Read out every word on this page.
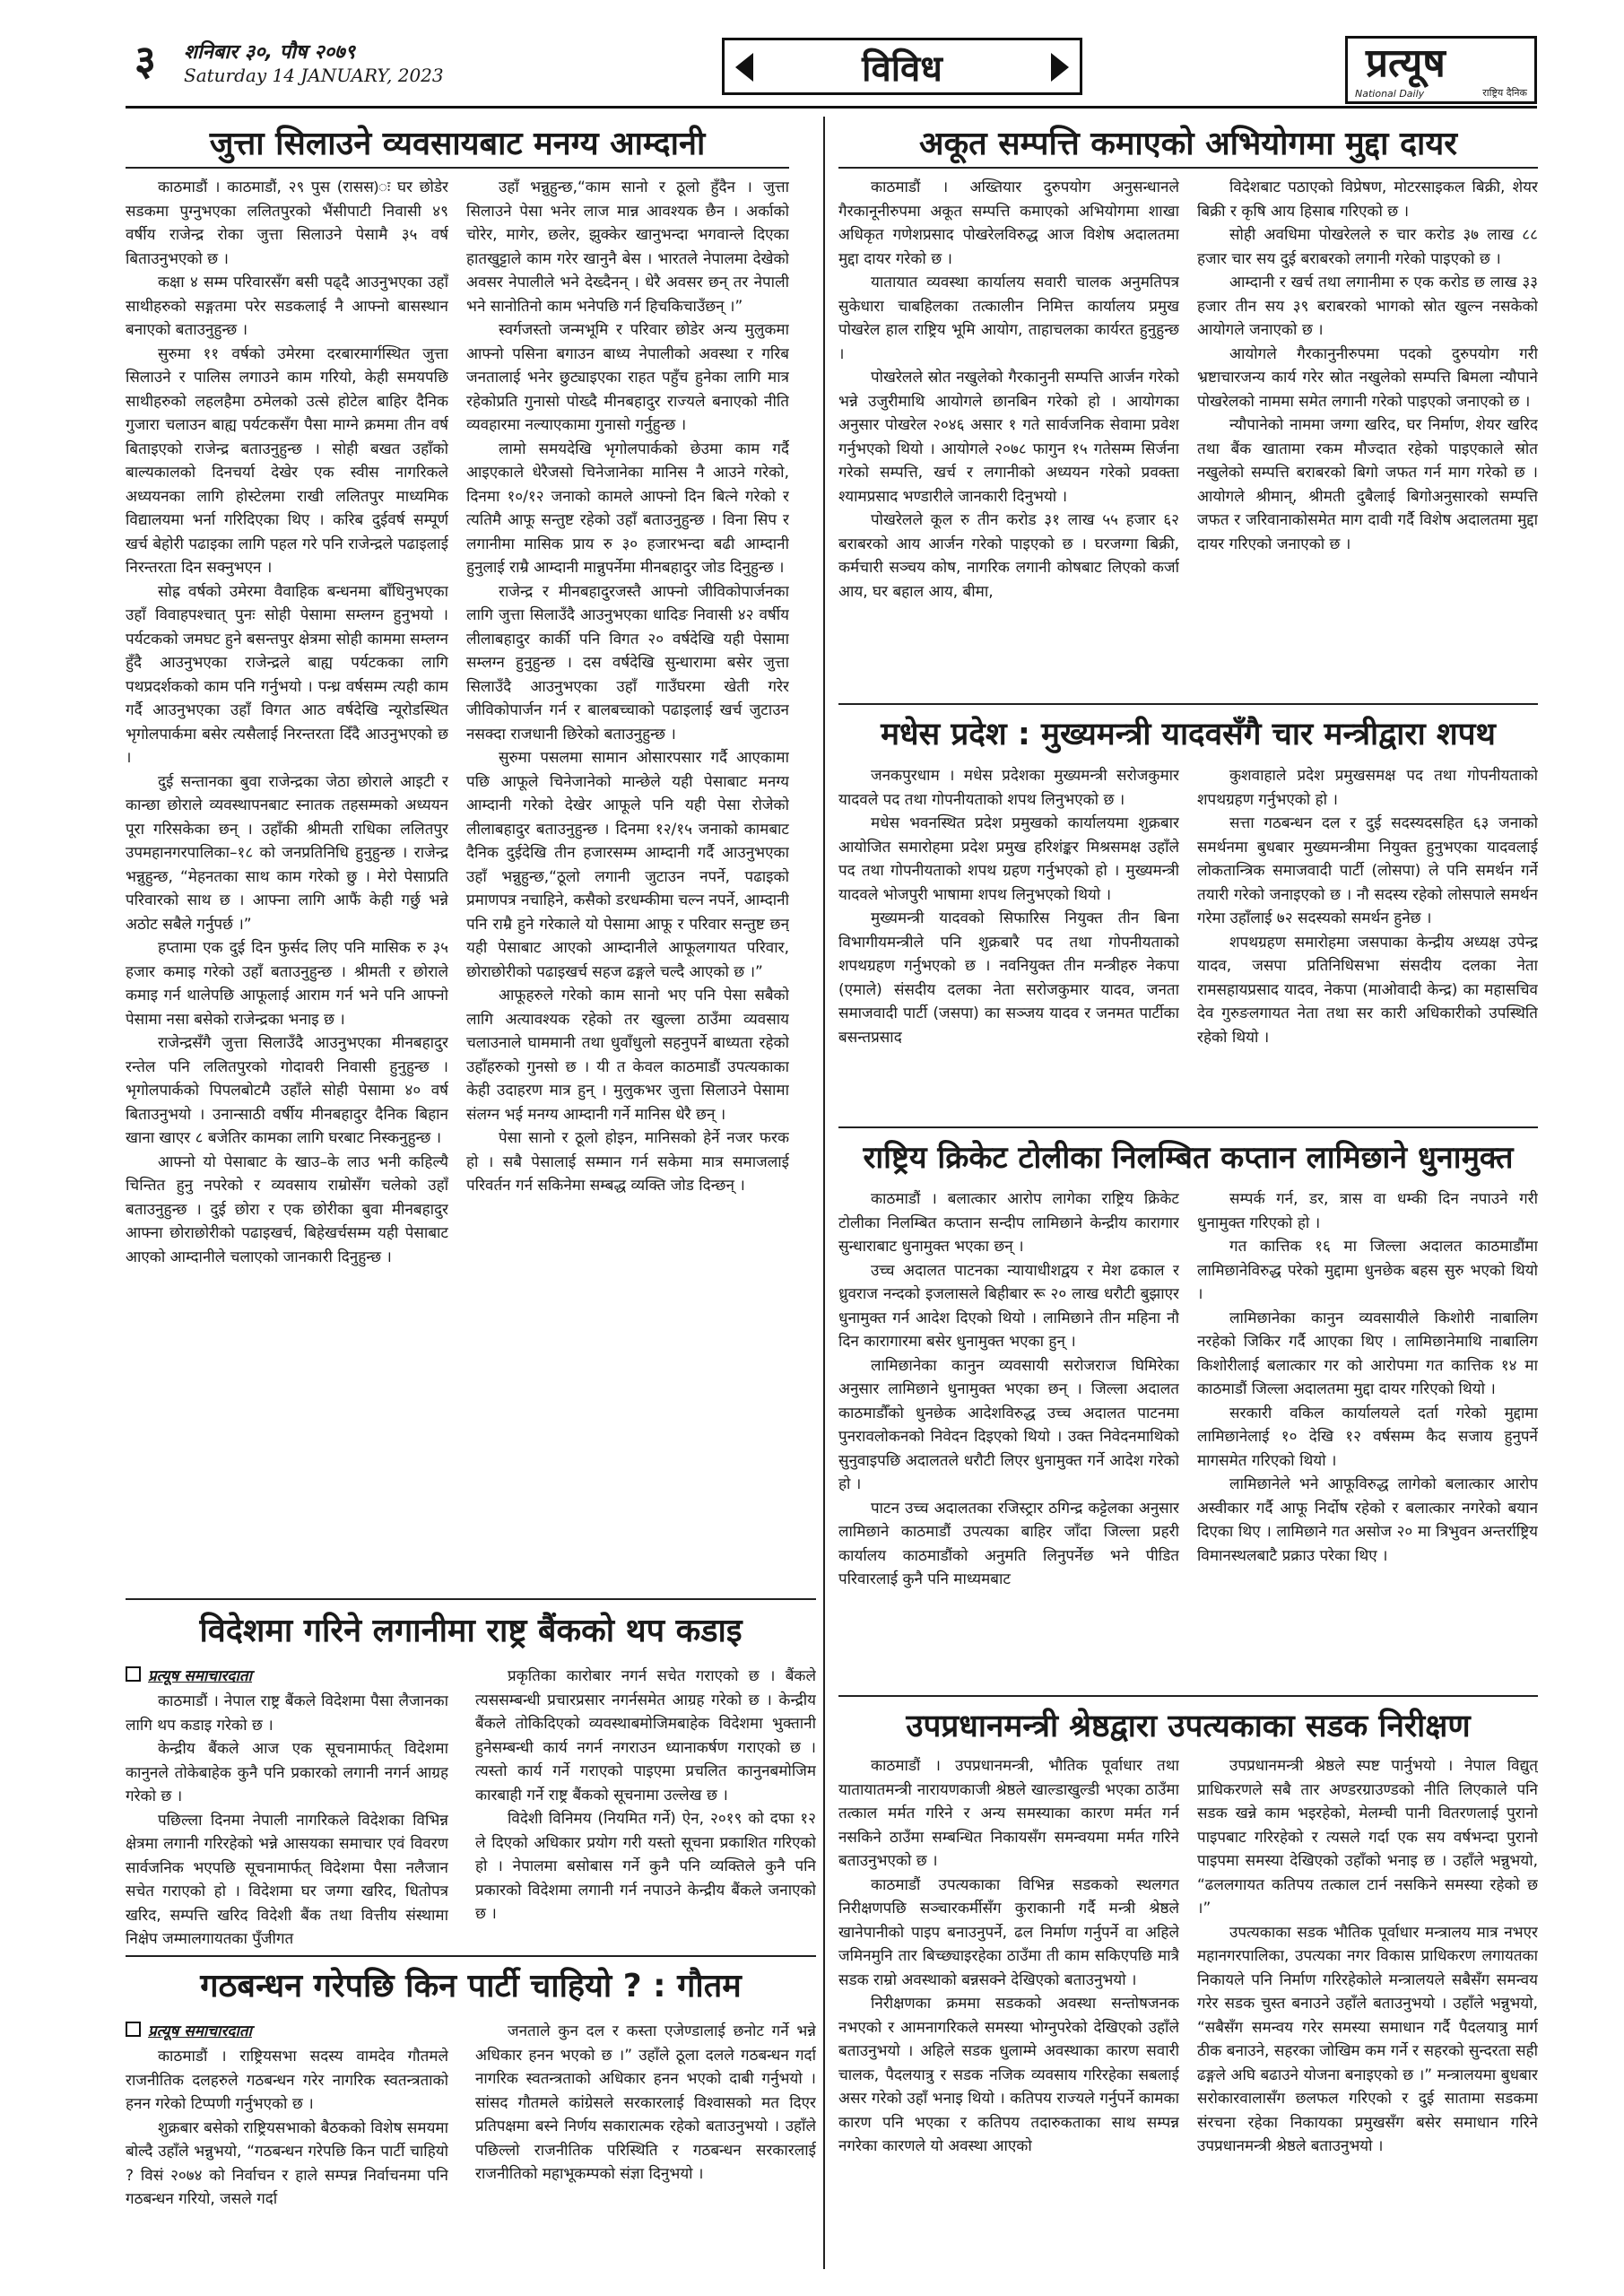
३	शनिबार ३०, पौष २०७९
Saturday 14 JANUARY, 2023	विविध	प्रत्यूष
National Daily	राष्ट्रिय दैनिक
जुत्ता सिलाउने व्यवसायबाट मनग्य आम्दानी

काठमाडौं । काठमाडौं, २९ पुस (रासस)ः घर छोडेर सडकमा पुग्नुभएका ललितपुरको भैंसीपाटी निवासी ४९ वर्षीय राजेन्द्र रोका जुत्ता सिलाउने पेसामै ३५ वर्ष बिताउनुभएको छ ।

कक्षा ४ सम्म परिवारसँग बसी पढ्दै आउनुभएका उहाँ साथीहरुको सङ्गतमा परेर सडकलाई नै आफ्नो बासस्थान बनाएको बताउनुहुन्छ ।

सुरुमा ११ वर्षको उमेरमा दरबारमार्गस्थित जुत्ता सिलाउने र पालिस लगाउने काम गरियो, केही समयपछि साथीहरुको लहलहैमा ठमेलको उत्से होटेल बाहिर दैनिक गुजारा चलाउन बाह्य पर्यटकसँग पैसा माग्ने क्रममा तीन वर्ष बिताइएको राजेन्द्र बताउनुहुन्छ । सोही बखत उहाँको बाल्यकालको दिनचर्या देखेर एक स्वीस नागरिकले अध्ययनका लागि होस्टेलमा राखी ललितपुर माध्यमिक विद्यालयमा भर्ना गरिदिएका थिए । करिब दुईवर्ष सम्पूर्ण खर्च बेहोरी पढाइका लागि पहल गरे पनि राजेन्द्रले पढाइलाई निरन्तरता दिन सक्नुभएन ।

सोह्र वर्षको उमेरमा वैवाहिक बन्धनमा बाँधिनुभएका उहाँ विवाहपश्चात् पुनः सोही पेसामा सम्लग्न हुनुभयो । पर्यटकको जमघट हुने बसन्तपुर क्षेत्रमा सोही काममा सम्लग्न हुँदै आउनुभएका राजेन्द्रले बाह्य पर्यटकका लागि पथप्रदर्शकको काम पनि गर्नुभयो । पन्ध्र वर्षसम्म त्यही काम गर्दै आउनुभएका उहाँ विगत आठ वर्षदेखि न्यूरोडस्थित भृगोलपार्कमा बसेर त्यसैलाई निरन्तरता दिँदै आउनुभएको छ ।

दुई सन्तानका बुवा राजेन्द्रका जेठा छोराले आइटी र कान्छा छोराले व्यवस्थापनबाट स्नातक तहसम्मको अध्ययन पूरा गरिसकेका छन् । उहाँकी श्रीमती राधिका ललितपुर उपमहानगरपालिका–१८ को जनप्रतिनिधि हुनुहुन्छ । राजेन्द्र भन्नुहुन्छ, “मेहनतका साथ काम गरेको छु । मेरो पेसाप्रति परिवारको साथ छ । आफ्ना लागि आफैं केही गर्छु भन्ने अठोट सबैले गर्नुपर्छ ।”

हप्तामा एक दुई दिन फुर्सद लिए पनि मासिक रु ३५ हजार कमाइ गरेको उहाँ बताउनुहुन्छ । श्रीमती र छोराले कमाइ गर्न थालेपछि आफूलाई आराम गर्न भने पनि आफ्नो पेसामा नसा बसेको राजेन्द्रका भनाइ छ ।

राजेन्द्रसँगै जुत्ता सिलाउँदै आउनुभएका मीनबहादुर रन्तेल पनि ललितपुरको गोदावरी निवासी हुनुहुन्छ । भृगोलपार्कको पिपलबोटमै उहाँले सोही पेसामा ४० वर्ष बिताउनुभयो । उनान्साठी वर्षीय मीनबहादुर दैनिक बिहान खाना खाएर ८ बजेतिर कामका लागि घरबाट निस्कनुहुन्छ ।

आफ्नो यो पेसाबाट के खाउ–के लाउ भनी कहिल्यै चिन्तित हुनु नपरेको र व्यवसाय राम्रोसँग चलेको उहाँ बताउनुहुन्छ । दुई छोरा र एक छोरीका बुवा मीनबहादुर आफ्ना छोराछोरीको पढाइखर्च, बिहेखर्चसम्म यही पेसाबाट आएको आम्दानीले चलाएको जानकारी दिनुहुन्छ ।

उहाँ भन्नुहुन्छ,“काम सानो र ठूलो हुँदैन । जुत्ता सिलाउने पेसा भनेर लाज मान्न आवश्यक छैन । अर्काको चोरेर, मागेर, छलेर, झुक्केर खानुभन्दा भगवान्ले दिएका हातखुट्टाले काम गरेर खानुनै बेस । भारतले नेपालमा देखेको अवसर नेपालीले भने देख्दैनन् । धेरै अवसर छन् तर नेपाली भने सानोतिनो काम भनेपछि गर्न हिचकिचाउँछन् ।”

स्वर्गजस्तो जन्मभूमि र परिवार छोडेर अन्य मुलुकमा आफ्नो पसिना बगाउन बाध्य नेपालीको अवस्था र गरिब जनतालाई भनेर छुट्याइएका राहत पहुँच हुनेका लागि मात्र रहेकोप्रति गुनासो पोख्दै मीनबहादुर राज्यले बनाएको नीति व्यवहारमा नल्याएकामा गुनासो गर्नुहुन्छ ।

लामो समयदेखि भृगोलपार्कको छेउमा काम गर्दै आइएकाले धेरैजसो चिनेजानेका मानिस नै आउने गरेको, दिनमा १०/१२ जनाको कामले आफ्नो दिन बित्ने गरेको र त्यतिमै आफू सन्तुष्ट रहेको उहाँ बताउनुहुन्छ । विना सिप र लगानीमा मासिक प्राय रु ३० हजारभन्दा बढी आम्दानी हुनुलाई राम्रै आम्दानी मान्नुपर्नेमा मीनबहादुर जोड दिनुहुन्छ ।

राजेन्द्र र मीनबहादुरजस्तै आफ्नो जीविकोपार्जनका लागि जुत्ता सिलाउँदै आउनुभएका धादिङ निवासी ४२ वर्षीय लीलाबहादुर कार्की पनि विगत २० वर्षदेखि यही पेसामा सम्लग्न हुनुहुन्छ । दस वर्षदेखि सुन्धारामा बसेर जुत्ता सिलाउँदै आउनुभएका उहाँ गाउँघरमा खेती गरेर जीविकोपार्जन गर्न र बालबच्चाको पढाइलाई खर्च जुटाउन नसक्दा राजधानी छिरेको बताउनुहुन्छ ।

सुरुमा पसलमा सामान ओसारपसार गर्दै आएकामा पछि आफूले चिनेजानेको मान्छेले यही पेसाबाट मनग्य आम्दानी गरेको देखेर आफूले पनि यही पेसा रोजेको लीलाबहादुर बताउनुहुन्छ । दिनमा १२/१५ जनाको कामबाट दैनिक दुईदेखि तीन हजारसम्म आम्दानी गर्दै आउनुभएका उहाँ भन्नुहुन्छ,“ठूलो लगानी जुटाउन नपर्ने, पढाइको प्रमाणपत्र नचाहिने, कसैको डरधम्कीमा चल्न नपर्ने, आम्दानी पनि राम्रै हुने गरेकाले यो पेसामा आफू र परिवार सन्तुष्ट छन् यही पेसाबाट आएको आम्दानीले आफूलगायत परिवार, छोराछोरीको पढाइखर्च सहज ढङ्गले चल्दै आएको छ ।”

आफूहरुले गरेको काम सानो भए पनि पेसा सबैको लागि अत्यावश्यक रहेको तर खुल्ला ठाउँमा व्यवसाय चलाउनाले घाममानी तथा धुवाँधुलो सहनुपर्ने बाध्यता रहेको उहाँहरुको गुनसो छ । यी त केवल काठमाडौं उपत्यकाका केही उदाहरण मात्र हुन् । मुलुकभर जुत्ता सिलाउने पेसामा संलग्न भई मनग्य आम्दानी गर्ने मानिस धेरै छन् ।

पेसा सानो र ठूलो होइन, मानिसको हेर्ने नजर फरक हो । सबै पेसालाई सम्मान गर्न सकेमा मात्र समाजलाई परिवर्तन गर्न सकिनेमा सम्बद्ध व्यक्ति जोड दिन्छन् ।

अकूत सम्पत्ति कमाएको अभियोगमा मुद्दा दायर

काठमाडौं । अख्तियार दुरुपयोग अनुसन्धानले गैरकानूनीरुपमा अकूत सम्पत्ति कमाएको अभियोगमा शाखा अधिकृत गणेशप्रसाद पोखरेलविरुद्ध आज विशेष अदालतमा मुद्दा दायर गरेको छ ।

यातायात व्यवस्था कार्यालय सवारी चालक अनुमतिपत्र सुकेधारा चाबहिलका तत्कालीन निमित्त कार्यालय प्रमुख पोखरेल हाल राष्ट्रिय भूमि आयोग, ताहाचलका कार्यरत हुनुहुन्छ ।

पोखरेलले स्रोत नखुलेको गैरकानुनी सम्पत्ति आर्जन गरेको भन्ने उजुरीमाथि आयोगले छानबिन गरेको हो । आयोगका अनुसार पोखरेल २०४६ असार १ गते सार्वजनिक सेवामा प्रवेश गर्नुभएको थियो । आयोगले २०७८ फागुन १५ गतेसम्म सिर्जना गरेको सम्पत्ति, खर्च र लगानीको अध्ययन गरेको प्रवक्ता श्यामप्रसाद भण्डारीले जानकारी दिनुभयो ।

पोखरेलले कूल रु तीन करोड ३१ लाख ५५ हजार ६२ बराबरको आय आर्जन गरेको पाइएको छ । घरजग्गा बिक्री, कर्मचारी सञ्चय कोष, नागरिक लगानी कोषबाट लिएको कर्जा आय, घर बहाल आय, बीमा,

विदेशबाट पठाएको विप्रेषण, मोटरसाइकल बिक्री, शेयर बिक्री र कृषि आय हिसाब गरिएको छ ।

सोही अवधिमा पोखरेलले रु चार करोड ३७ लाख ८८ हजार चार सय दुई बराबरको लगानी गरेको पाइएको छ ।

आम्दानी र खर्च तथा लगानीमा रु एक करोड छ लाख ३३ हजार तीन सय ३९ बराबरको भागको स्रोत खुल्न नसकेको आयोगले जनाएको छ ।

आयोगले गैरकानुनीरुपमा पदको दुरुपयोग गरी भ्रष्टाचारजन्य कार्य गरेर स्रोत नखुलेको सम्पत्ति बिमला न्यौपाने पोखरेलको नाममा समेत लगानी गरेको पाइएको जनाएको छ ।

न्यौपानेको नाममा जग्गा खरिद, घर निर्माण, शेयर खरिद तथा बैंक खातामा रकम मौज्दात रहेको पाइएकाले स्रोत नखुलेको सम्पत्ति बराबरको बिगो जफत गर्न माग गरेको छ । आयोगले श्रीमान्, श्रीमती दुबैलाई बिगोअनुसारको सम्पत्ति जफत र जरिवानाकोसमेत माग दावी गर्दै विशेष अदालतमा मुद्दा दायर गरिएको जनाएको छ ।

मधेस प्रदेश : मुख्यमन्त्री यादवसँगै चार मन्त्रीद्वारा शपथ

जनकपुरधाम । मधेस प्रदेशका मुख्यमन्त्री सरोजकुमार यादवले पद तथा गोपनीयताको शपथ लिनुभएको छ ।

मधेस भवनस्थित प्रदेश प्रमुखको कार्यालयमा शुक्रबार आयोजित समारोहमा प्रदेश प्रमुख हरिशंङ्कर मिश्रसमक्ष उहाँले पद तथा गोपनीयताको शपथ ग्रहण गर्नुभएको हो । मुख्यमन्त्री यादवले भोजपुरी भाषामा शपथ लिनुभएको थियो ।

मुख्यमन्त्री यादवको सिफारिस नियुक्त तीन बिना विभागीयमन्त्रीले पनि शुक्रबारै पद तथा गोपनीयताको शपथग्रहण गर्नुभएको छ । नवनियुक्त तीन मन्त्रीहरु नेकपा (एमाले) संसदीय दलका नेता सरोजकुमार यादव, जनता समाजवादी पार्टी (जसपा) का सञ्जय यादव र जनमत पार्टीका बसन्तप्रसाद

कुशवाहाले प्रदेश प्रमुखसमक्ष पद तथा गोपनीयताको शपथग्रहण गर्नुभएको हो ।

सत्ता गठबन्धन दल र दुई सदस्यदसहित ६३ जनाको समर्थनमा बुधबार मुख्यमन्त्रीमा नियुक्त हुनुभएका यादवलाई लोकतान्त्रिक समाजवादी पार्टी (लोसपा) ले पनि समर्थन गर्ने तयारी गरेको जनाइएको छ । नौ सदस्य रहेको लोसपाले समर्थन गरेमा उहाँलाई ७२ सदस्यको समर्थन हुनेछ ।

शपथग्रहण समारोहमा जसपाका केन्द्रीय अध्यक्ष उपेन्द्र यादव, जसपा प्रतिनिधिसभा संसदीय दलका नेता रामसहायप्रसाद यादव, नेकपा (माओवादी केन्द्र) का महासचिव देव गुरुङलगायत नेता तथा सर कारी अधिकारीको उपस्थिति रहेको थियो ।

राष्ट्रिय क्रिकेट टोलीका निलम्बित कप्तान लामिछाने धुनामुक्त

काठमाडौं । बलात्कार आरोप लागेका राष्ट्रिय क्रिकेट टोलीका निलम्बित कप्तान सन्दीप लामिछाने केन्द्रीय कारागार सुन्धाराबाट धुनामुक्त भएका छन् ।

उच्च अदालत पाटनका न्यायाधीशद्वय र मेश ढकाल र ध्रुवराज नन्दको इजलासले बिहीबार रू २० लाख धरौटी बुझाएर धुनामुक्त गर्न आदेश दिएको थियो । लामिछाने तीन महिना नौ दिन कारागारमा बसेर धुनामुक्त भएका हुन् ।

लामिछानेका कानुन व्यवसायी सरोजराज घिमिरेका अनुसार लामिछाने धुनामुक्त भएका छन् । जिल्ला अदालत काठमाडौँको धुनछेक आदेशविरुद्ध उच्च अदालत पाटनमा पुनरावलोकनको निवेदन दिइएको थियो । उक्त निवेदनमाथिको सुनुवाइपछि अदालतले धरौटी लिएर धुनामुक्त गर्ने आदेश गरेको हो ।

पाटन उच्च अदालतका रजिस्ट्रार ठगिन्द्र कट्टेलका अनुसार लामिछाने काठमाडौं उपत्यका बाहिर जाँदा जिल्ला प्रहरी कार्यालय काठमाडौंको अनुमति लिनुपर्नेछ भने पीडित परिवारलाई कुनै पनि माध्यमबाट

सम्पर्क गर्न, डर, त्रास वा धम्की दिन नपाउने गरी धुनामुक्त गरिएको हो ।

गत कात्तिक १६ मा जिल्ला अदालत काठमाडौंमा लामिछानेविरुद्ध परेको मुद्दामा धुनछेक बहस सुरु भएको थियो ।

लामिछानेका कानुन व्यवसायीले किशोरी नाबालिग नरहेको जिकिर गर्दै आएका थिए । लामिछानेमाथि नाबालिग किशोरीलाई बलात्कार गर को आरोपमा गत कात्तिक १४ मा काठमाडौं जिल्ला अदालतमा मुद्दा दायर गरिएको थियो ।

सरकारी वकिल कार्यालयले दर्ता गरेको मुद्दामा लामिछानेलाई १० देखि १२ वर्षसम्म कैद सजाय हुनुपर्ने मागसमेत गरिएको थियो ।

लामिछानेले भने आफूविरुद्ध लागेको बलात्कार आरोप अस्वीकार गर्दै आफू निर्दोष रहेको र बलात्कार नगरेको बयान दिएका थिए । लामिछाने गत असोज २० मा त्रिभुवन अन्तर्राष्ट्रिय विमानस्थलबाटै प्रक्राउ परेका थिए ।

विदेशमा गरिने लगानीमा राष्ट्र बैंकको थप कडाइ
प्रत्यूष समाचारदाता

काठमाडौं । नेपाल राष्ट्र बैंकले विदेशमा पैसा लैजानका लागि थप कडाइ गरेको छ ।

केन्द्रीय बैंकले आज एक सूचनामार्फत् विदेशमा कानुनले तोकेबाहेक कुनै पनि प्रकारको लगानी नगर्न आग्रह गरेको छ ।

पछिल्ला दिनमा नेपाली नागरिकले विदेशका विभिन्न क्षेत्रमा लगानी गरिरहेको भन्ने आसयका समाचार एवं विवरण सार्वजनिक भएपछि सूचनामार्फत् विदेशमा पैसा नलैजान सचेत गराएको हो । विदेशमा घर जग्गा खरिद, धितोपत्र खरिद, सम्पत्ति खरिद विदेशी बैंक तथा वित्तीय संस्थामा निक्षेप जम्मालगायतका पुँजीगत

प्रकृतिका कारोबार नगर्न सचेत गराएको छ । बैंकले त्यससम्बन्धी प्रचारप्रसार नगर्नसमेत आग्रह गरेको छ । केन्द्रीय बैंकले तोकिदिएको व्यवस्थाबमोजिमबाहेक विदेशमा भुक्तानी हुनेसम्बन्धी कार्य नगर्न नगराउन ध्यानाकर्षण गराएको छ । त्यस्तो कार्य गर्ने गराएको पाइएमा प्रचलित कानुनबमोजिम कारबाही गर्ने राष्ट्र बैंकको सूचनामा उल्लेख छ ।

विदेशी विनिमय (नियमित गर्ने) ऐन, २०१९ को दफा १२ ले दिएको अधिकार प्रयोग गरी यस्तो सूचना प्रकाशित गरिएको हो । नेपालमा बसोबास गर्ने कुनै पनि व्यक्तिले कुनै पनि प्रकारको विदेशमा लगानी गर्न नपाउने केन्द्रीय बैंकले जनाएको छ ।

गठबन्धन गरेपछि किन पार्टी चाहियो ? : गौतम
प्रत्यूष समाचारदाता

काठमाडौं । राष्ट्रियसभा सदस्य वामदेव गौतमले राजनीतिक दलहरुले गठबन्धन गरेर नागरिक स्वतन्त्रताको हनन गरेको टिप्पणी गर्नुभएको छ ।

शुक्रबार बसेको राष्ट्रियसभाको बैठकको विशेष समयमा बोल्दै उहाँले भन्नुभयो, “गठबन्धन गरेपछि किन पार्टी चाहियो ? विसं २०७४ को निर्वाचन र हाले सम्पन्न निर्वाचनमा पनि गठबन्धन गरियो, जसले गर्दा

जनताले कुन दल र कस्ता एजेण्डालाई छनोट गर्ने भन्ने अधिकार हनन भएको छ ।” उहाँले ठूला दलले गठबन्धन गर्दा नागरिक स्वतन्त्रताको अधिकार हनन भएको दाबी गर्नुभयो । सांसद गौतमले कांग्रेसले सरकारलाई विश्वासको मत दिएर प्रतिपक्षमा बस्ने निर्णय सकारात्मक रहेको बताउनुभयो । उहाँले पछिल्लो राजनीतिक परिस्थिति र गठबन्धन सरकारलाई राजनीतिको महाभूकम्पको संज्ञा दिनुभयो ।

उपप्रधानमन्त्री श्रेष्ठद्वारा उपत्यकाका सडक निरीक्षण

काठमाडौं । उपप्रधानमन्त्री, भौतिक पूर्वाधार तथा यातायातमन्त्री नारायणकाजी श्रेष्ठले खाल्डाखुल्डी भएका ठाउँमा तत्काल मर्मत गरिने र अन्य समस्याका कारण मर्मत गर्न नसकिने ठाउँमा सम्बन्धित निकायसँग समन्वयमा मर्मत गरिने बताउनुभएको छ ।

काठमाडौं उपत्यकाका विभिन्न सडकको स्थलगत निरीक्षणपछि सञ्चारकर्मीसँग कुराकानी गर्दै मन्त्री श्रेष्ठले खानेपानीको पाइप बनाउनुपर्ने, ढल निर्माण गर्नुपर्ने वा अहिले जमिनमुनि तार बिच्छ्याइरहेका ठाउँमा ती काम सकिएपछि मात्रै सडक राम्रो अवस्थाको बन्नसक्ने देखिएको बताउनुभयो ।

निरीक्षणका क्रममा सडकको अवस्था सन्तोषजनक नभएको र आमनागरिकले समस्या भोग्नुपरेको देखिएको उहाँले बताउनुभयो । अहिले सडक धुलाम्मे अवस्थाका कारण सवारी चालक, पैदलयात्रु र सडक नजिक व्यवसाय गरिरहेका सबलाई असर गरेको उहाँ भनाइ थियो । कतिपय राज्यले गर्नुपर्ने कामका कारण पनि भएका र कतिपय तदारुकताका साथ सम्पन्न नगरेका कारणले यो अवस्था आएको

उपप्रधानमन्त्री श्रेष्ठले स्पष्ट पार्नुभयो । नेपाल विद्युत् प्राधिकरणले सबै तार अण्डरग्राउण्डको नीति लिएकाले पनि सडक खन्ने काम भइरहेको, मेलम्ची पानी वितरणलाई पुरानो पाइपबाट गरिरहेको र त्यसले गर्दा एक सय वर्षभन्दा पुरानो पाइपमा समस्या देखिएको उहाँको भनाइ छ । उहाँले भन्नुभयो, “ढललगायत कतिपय तत्काल टार्न नसकिने समस्या रहेको छ ।”

उपत्यकाका सडक भौतिक पूर्वाधार मन्त्रालय मात्र नभएर महानगरपालिका, उपत्यका नगर विकास प्राधिकरण लगायतका निकायले पनि निर्माण गरिरहेकोले मन्त्रालयले सबैसँग समन्वय गरेर सडक चुस्त बनाउने उहाँले बताउनुभयो । उहाँले भन्नुभयो, “सबैसँग समन्वय गरेर समस्या समाधान गर्दै पैदलयात्रु मार्ग ठीक बनाउने, सहरका जोखिम कम गर्ने र सहरको सुन्दरता सही ढङ्गले अघि बढाउने योजना बनाइएको छ ।” मन्त्रालयमा बुधबार सरोकारवालासँग छलफल गरिएको र दुई सातामा सडकमा संरचना रहेका निकायका प्रमुखसँग बसेर समाधान गरिने उपप्रधानमन्त्री श्रेष्ठले बताउनुभयो ।
